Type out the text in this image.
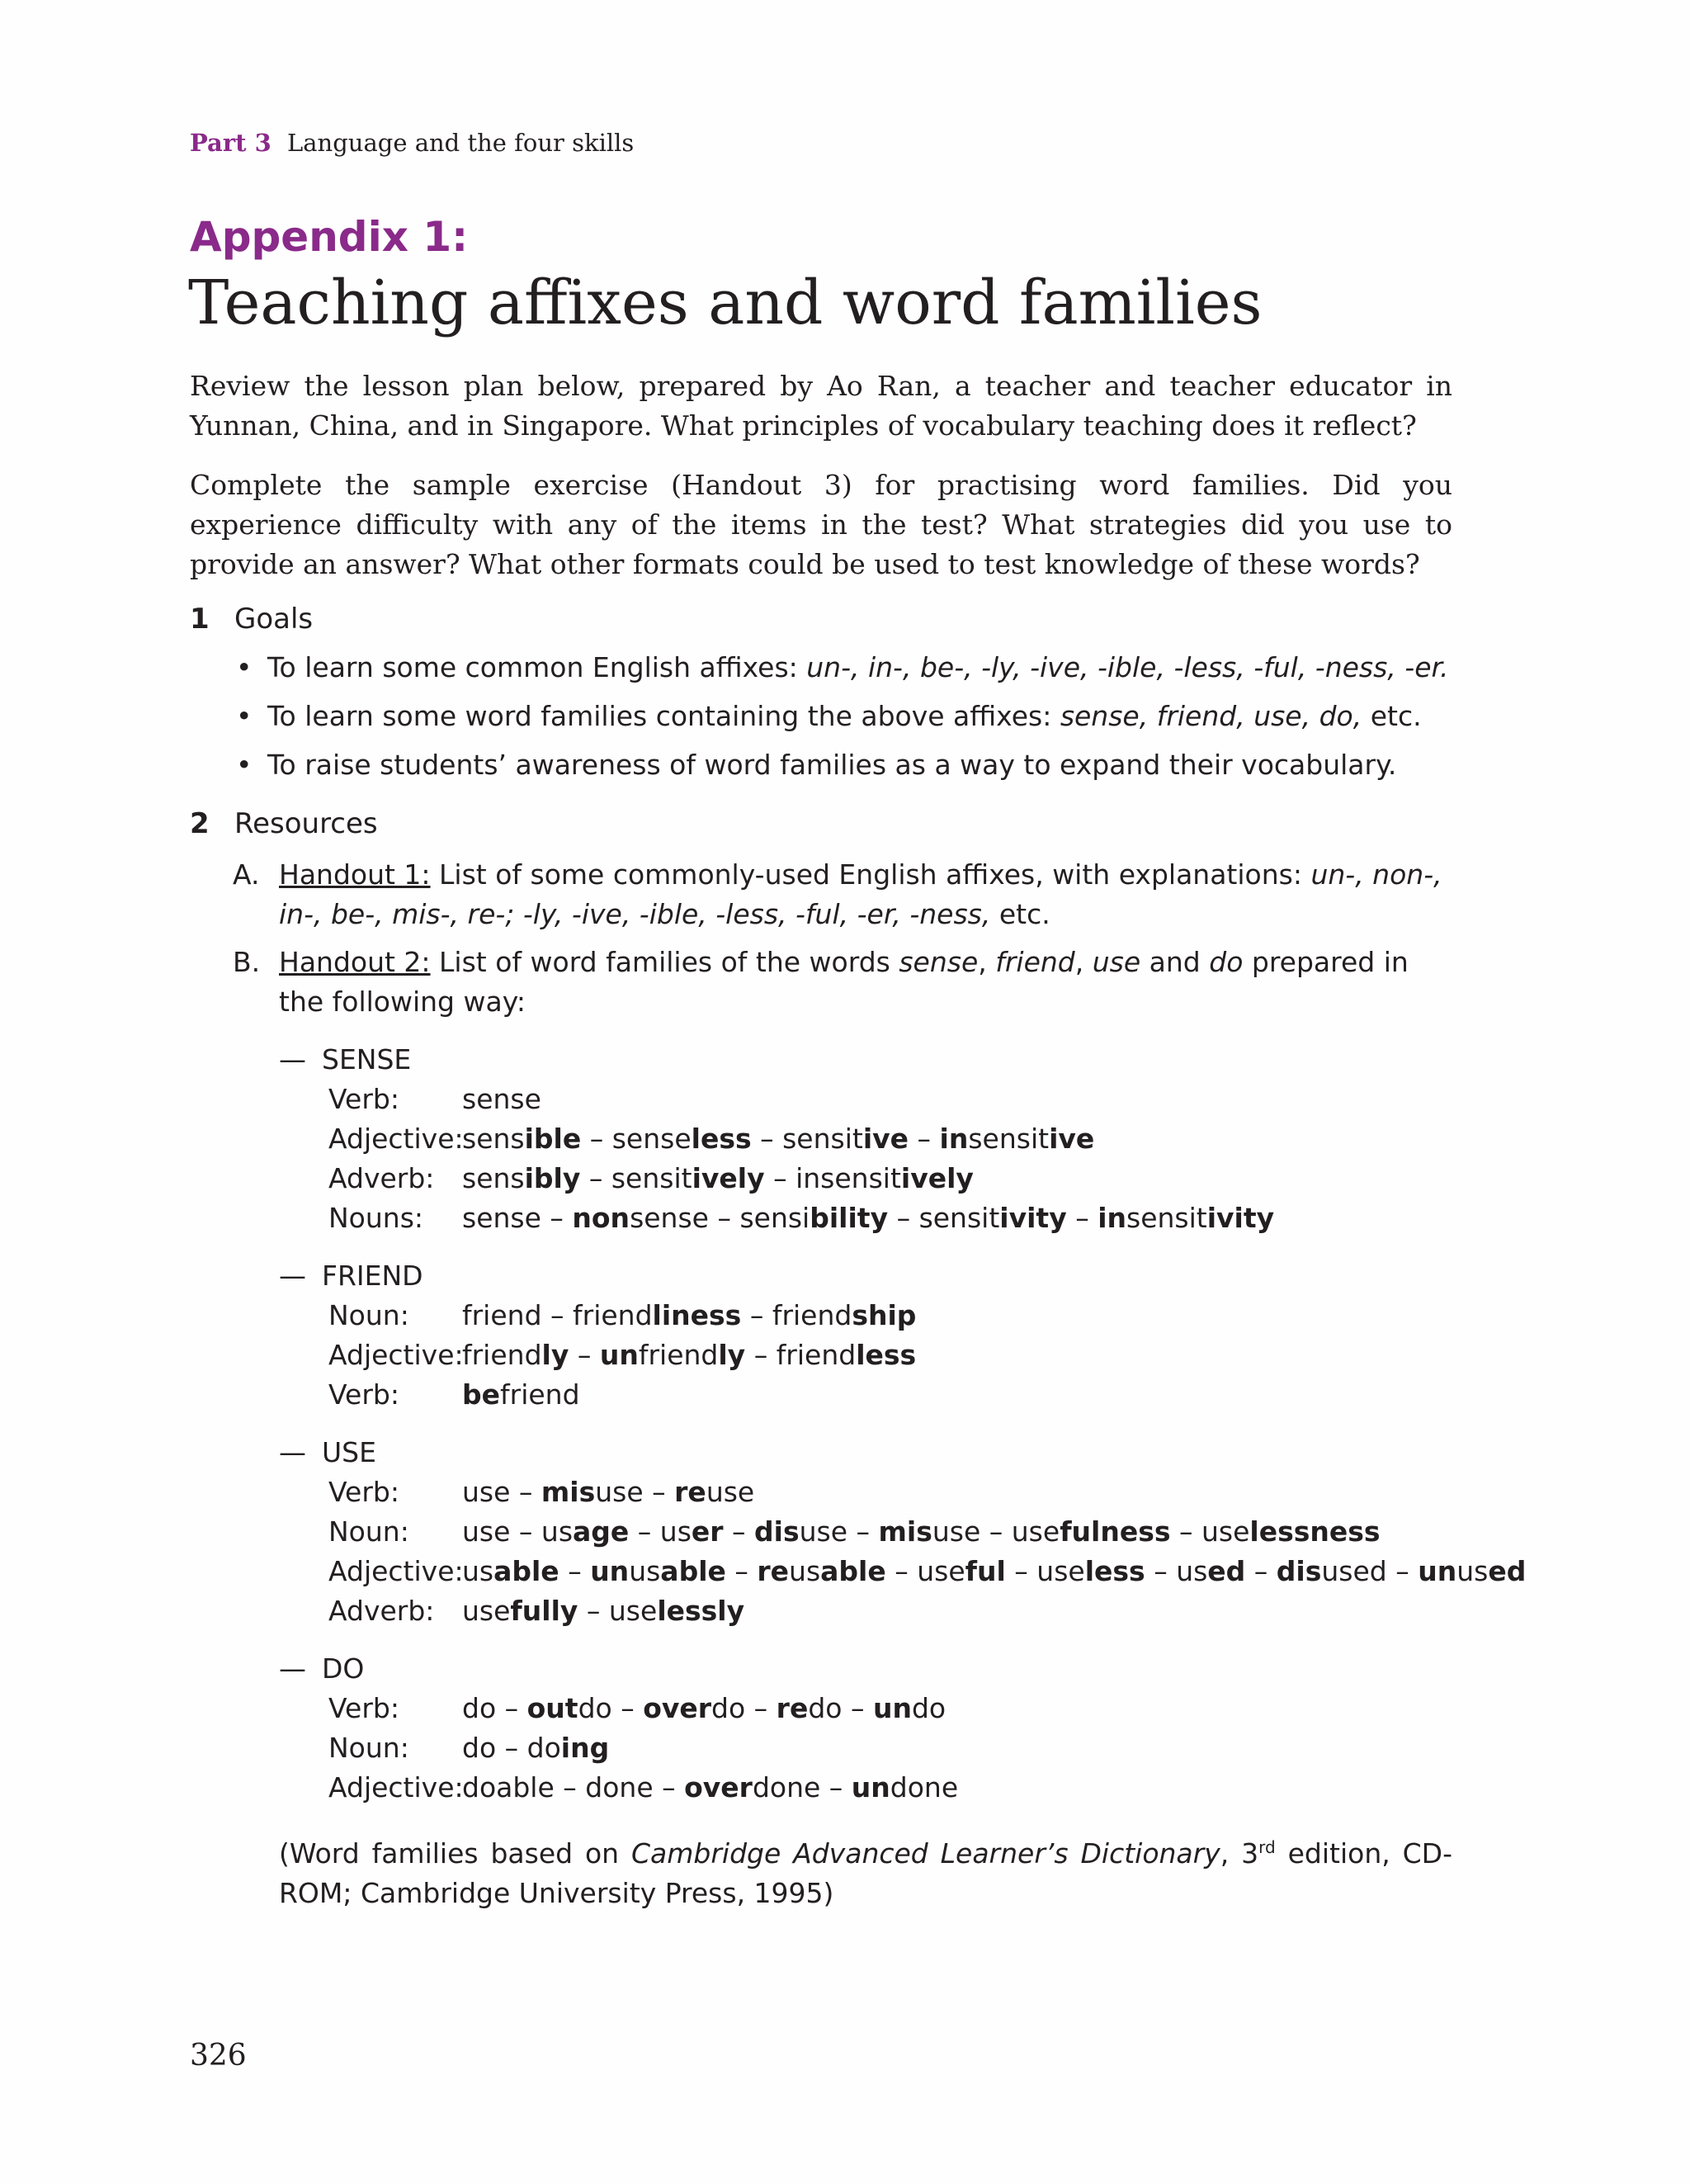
Part 3 Language and the four skills
Appendix 1:
Teaching affixes and word families

Review the lesson plan below, prepared by Ao Ran, a teacher and teacher educator in Yunnan, China, and in Singapore. What principles of vocabulary teaching does it reflect?

Complete the sample exercise (Handout 3) for practising word families. Did you experience difficulty with any of the items in the test? What strategies did you use to provide an answer? What other formats could be used to test knowledge of these words?

1 Goals
• To learn some common English affixes: un-, in-, be-, -ly, -ive, -ible, -less, -ful, -ness, -er.
• To learn some word families containing the above affixes: sense, friend, use, do, etc.
• To raise students’ awareness of word families as a way to expand their vocabulary.
2 Resources
A. Handout 1: List of some commonly-used English affixes, with explanations: un-, non-, in-, be-, mis-, re-; -ly, -ive, -ible, -less, -ful, -er, -ness, etc.
B. Handout 2: List of word families of the words sense, friend, use and do prepared in the following way:
— SENSE
Verb: sense
Adjective:sensible – senseless – sensitive – insensitive
Adverb: sensibly – sensitively – insensitively
Nouns: sense – nonsense – sensibility – sensitivity – insensitivity
— FRIEND
Noun: friend – friendliness – friendship
Adjective:friendly – unfriendly – friendless
Verb: befriend
— USE
Verb: use – misuse – reuse
Noun: use – usage – user – disuse – misuse – usefulness – uselessness
Adjective:usable – unusable – reusable – useful – useless – used – disused – unused
Adverb: usefully – uselessly
— DO
Verb: do – outdo – overdo – redo – undo
Noun: do – doing
Adjective:doable – done – overdone – undone

(Word families based on Cambridge Advanced Learner’s Dictionary, 3rd edition, CD-ROM; Cambridge University Press, 1995)

326
